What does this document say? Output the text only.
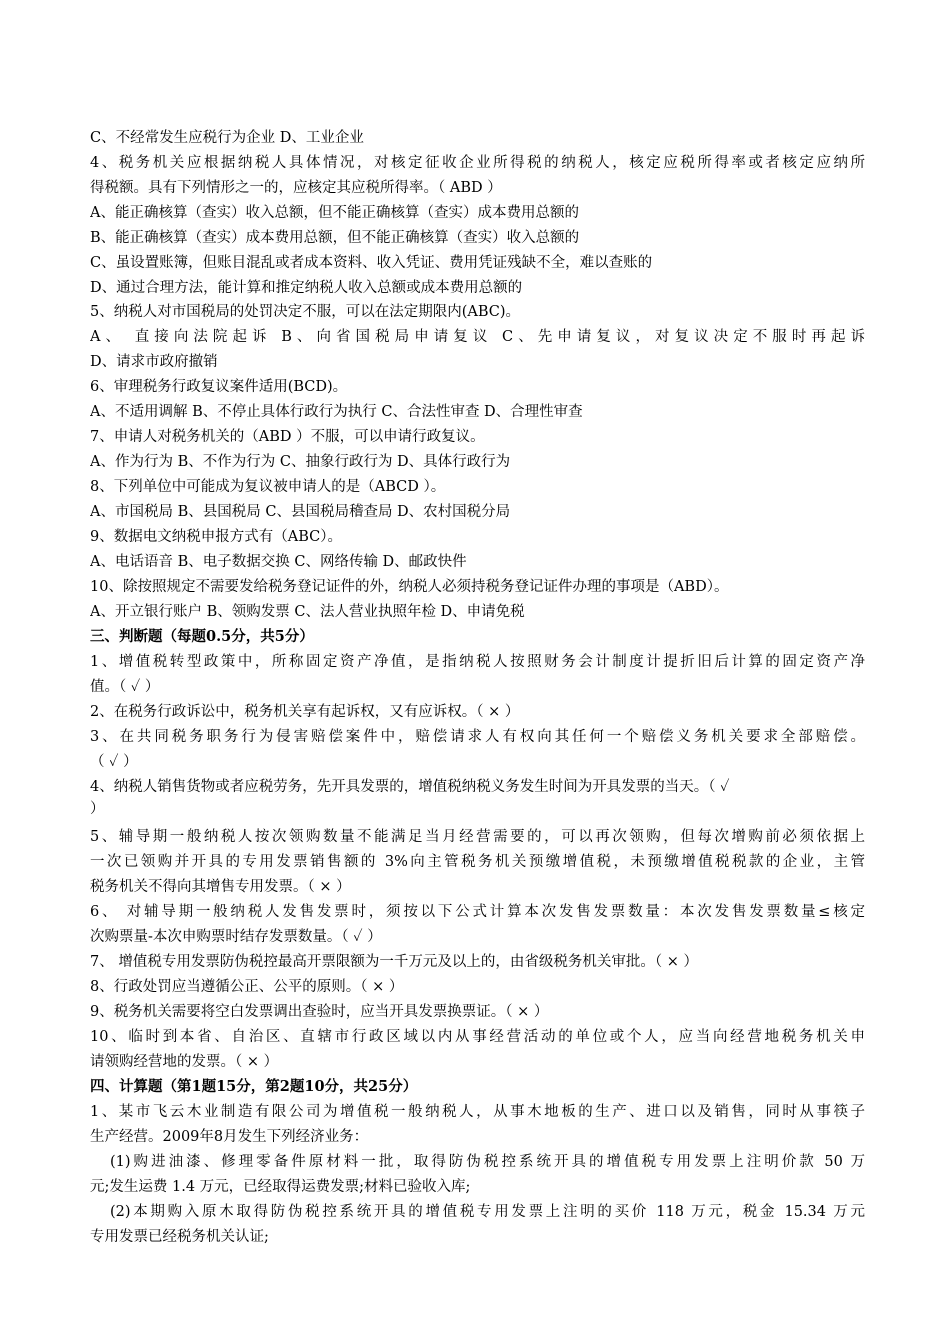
C、不经常发生应税行为企业 D、工业企业
4、税务机关应根据纳税人具体情况，对核定征收企业所得税的纳税人，核定应税所得率或者核定应纳所
得税额。具有下列情形之一的，应核定其应税所得率。（ ABD ）
A、能正确核算（查实）收入总额，但不能正确核算（查实）成本费用总额的
B、能正确核算（查实）成本费用总额，但不能正确核算（查实）收入总额的
C、虽设置账簿，但账目混乱或者成本资料、收入凭证、费用凭证残缺不全，难以查账的
D、通过合理方法，能计算和推定纳税人收入总额或成本费用总额的
5、纳税人对市国税局的处罚决定不服，可以在法定期限内(ABC)。
A、 直接向法院起诉 B、向省国税局申请复议 C、先申请复议，对复议决定不服时再起诉
D、请求市政府撤销
6、审理税务行政复议案件适用(BCD)。
A、不适用调解 B、不停止具体行政行为执行 C、合法性审查 D、合理性审查
7、申请人对税务机关的（ABD ）不服，可以申请行政复议。
A、作为行为 B、不作为行为 C、抽象行政行为 D、具体行政行为
8、下列单位中可能成为复议被申请人的是（ABCD ）。
A、市国税局 B、县国税局 C、县国税局稽查局 D、农村国税分局
9、数据电文纳税申报方式有（ABC）。
A、电话语音 B、电子数据交换 C、网络传输 D、邮政快件
10、除按照规定不需要发给税务登记证件的外，纳税人必须持税务登记证件办理的事项是（ABD）。
A、开立银行账户 B、领购发票 C、法人营业执照年检 D、申请免税
三、判断题（每题0.5分，共5分）
1、增值税转型政策中，所称固定资产净值，是指纳税人按照财务会计制度计提折旧后计算的固定资产净
值。（ ✓ ）
2、在税务行政诉讼中，税务机关享有起诉权，又有应诉权。（ × ）
3、在共同税务职务行为侵害赔偿案件中，赔偿请求人有权向其任何一个赔偿义务机关要求全部赔偿。
（ ✓ ）
4、纳税人销售货物或者应税劳务，先开具发票的，增值税纳税义务发生时间为开具发票的当天。（ ✓
）
5、辅导期一般纳税人按次领购数量不能满足当月经营需要的，可以再次领购，但每次增购前必须依据上
一次已领购并开具的专用发票销售额的 3%向主管税务机关预缴增值税，未预缴增值税税款的企业，主管
税务机关不得向其增售专用发票。（ × ）
6、 对辅导期一般纳税人发售发票时，须按以下公式计算本次发售发票数量：本次发售发票数量≤核定
次购票量-本次申购票时结存发票数量。（ ✓ ）
7、 增值税专用发票防伪税控最高开票限额为一千万元及以上的，由省级税务机关审批。（ × ）
8、行政处罚应当遵循公正、公平的原则。（ × ）
9、税务机关需要将空白发票调出查验时，应当开具发票换票证。（ × ）
10、临时到本省、自治区、直辖市行政区域以内从事经营活动的单位或个人，应当向经营地税务机关申
请领购经营地的发票。（ × ）
四、计算题（第1题15分，第2题10分，共25分）
1、某市飞云木业制造有限公司为增值税一般纳税人，从事木地板的生产、进口以及销售，同时从事筷子
生产经营。2009年8月发生下列经济业务：
(1)购进油漆、修理零备件原材料一批，取得防伪税控系统开具的增值税专用发票上注明价款 50 万
元;发生运费 1.4 万元，已经取得运费发票;材料已验收入库;
(2)本期购入原木取得防伪税控系统开具的增值税专用发票上注明的买价 118 万元，税金 15.34 万元
专用发票已经税务机关认证;
